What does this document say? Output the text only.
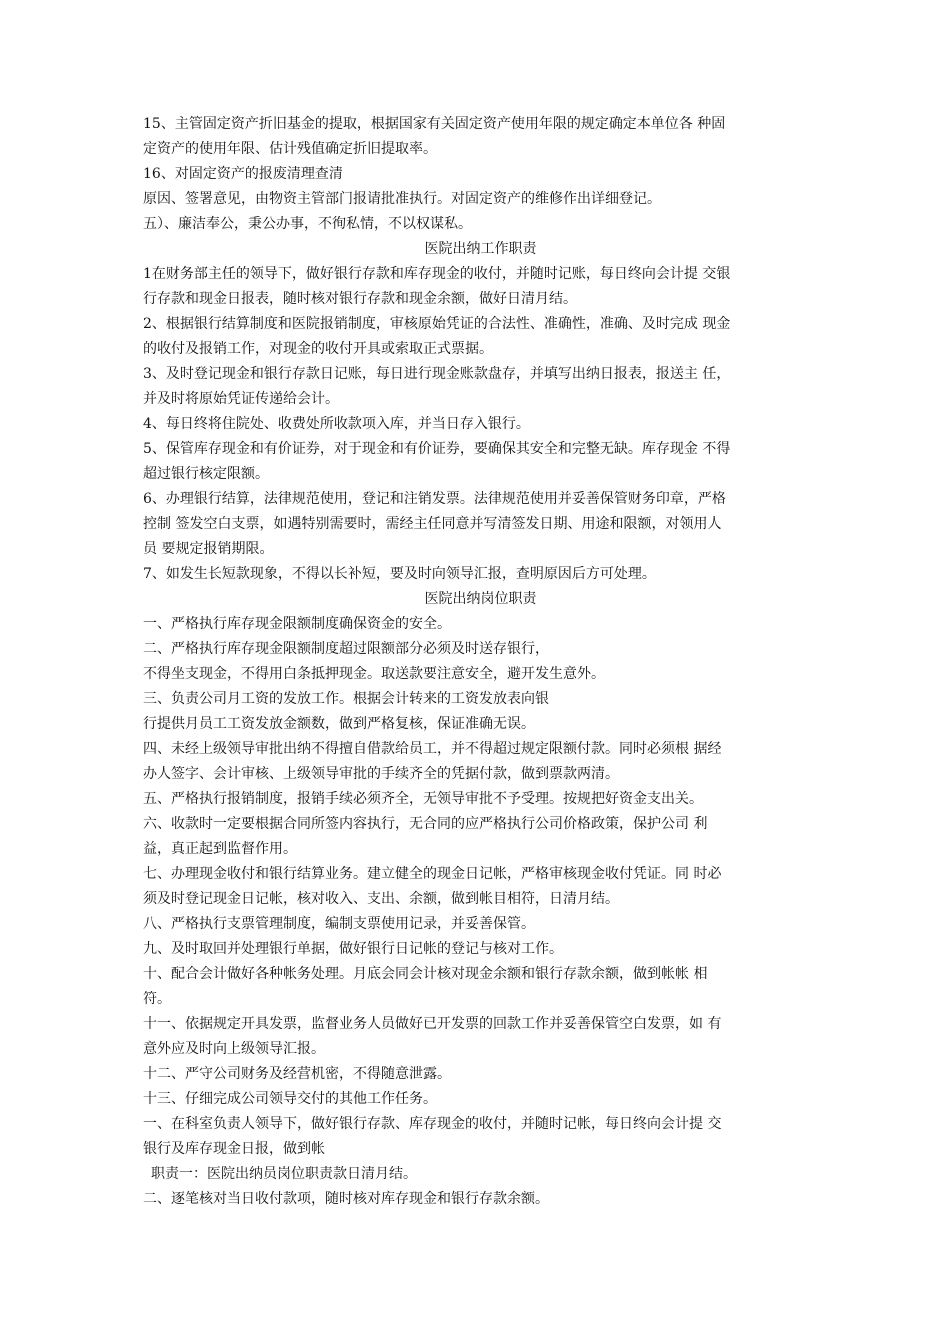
15、主管固定资产折旧基金的提取，根据国家有关固定资产使用年限的规定确定本单位各 种固
定资产的使用年限、估计残值确定折旧提取率。
16、对固定资产的报废清理查清
原因、签署意见，由物资主管部门报请批准执行。对固定资产的维修作出详细登记。
五）、廉洁奉公，秉公办事，不徇私情，不以权谋私。
医院出纳工作职责
1在财务部主任的领导下，做好银行存款和库存现金的收付，并随时记账，每日终向会计提 交银
行存款和现金日报表，随时核对银行存款和现金余额，做好日清月结。
2、根据银行结算制度和医院报销制度，审核原始凭证的合法性、准确性，准确、及时完成 现金
的收付及报销工作，对现金的收付开具或索取正式票据。
3、及时登记现金和银行存款日记账，每日进行现金账款盘存，并填写出纳日报表，报送主 任，
并及时将原始凭证传递给会计。
4、每日终将住院处、收费处所收款项入库，并当日存入银行。
5、保管库存现金和有价证券，对于现金和有价证券，要确保其安全和完整无缺。库存现金 不得
超过银行核定限额。
6、办理银行结算，法律规范使用，登记和注销发票。法律规范使用并妥善保管财务印章，严格
控制 签发空白支票，如遇特别需要时，需经主任同意并写清签发日期、用途和限额，对领用人
员 要规定报销期限。
7、如发生长短款现象，不得以长补短，要及时向领导汇报，查明原因后方可处理。
医院出纳岗位职责
一、严格执行库存现金限额制度确保资金的安全。
二、严格执行库存现金限额制度超过限额部分必须及时送存银行，
不得坐支现金，不得用白条抵押现金。取送款要注意安全，避开发生意外。
三、负责公司月工资的发放工作。根据会计转来的工资发放表向银
行提供月员工工资发放金额数，做到严格复核，保证准确无误。
四、未经上级领导审批出纳不得擅自借款给员工，并不得超过规定限额付款。同时必须根 据经
办人签字、会计审核、上级领导审批的手续齐全的凭据付款，做到票款两清。
五、严格执行报销制度，报销手续必须齐全，无领导审批不予受理。按规把好资金支出关。
六、收款时一定要根据合同所签内容执行，无合同的应严格执行公司价格政策，保护公司 利
益，真正起到监督作用。
七、办理现金收付和银行结算业务。建立健全的现金日记帐，严格审核现金收付凭证。同 时必
须及时登记现金日记帐，核对收入、支出、余额，做到帐目相符，日清月结。
八、严格执行支票管理制度，编制支票使用记录，并妥善保管。
九、及时取回并处理银行单据，做好银行日记帐的登记与核对工作。
十、配合会计做好各种帐务处理。月底会同会计核对现金余额和银行存款余额，做到帐帐 相
符。
十一、依据规定开具发票，监督业务人员做好已开发票的回款工作并妥善保管空白发票，如 有
意外应及时向上级领导汇报。
十二、严守公司财务及经营机密，不得随意泄露。
十三、仔细完成公司领导交付的其他工作任务。
一、在科室负责人领导下，做好银行存款、库存现金的收付，并随时记帐，每日终向会计提 交
银行及库存现金日报，做到帐
职责一：医院出纳员岗位职责款日清月结。
二、逐笔核对当日收付款项，随时核对库存现金和银行存款余额。
